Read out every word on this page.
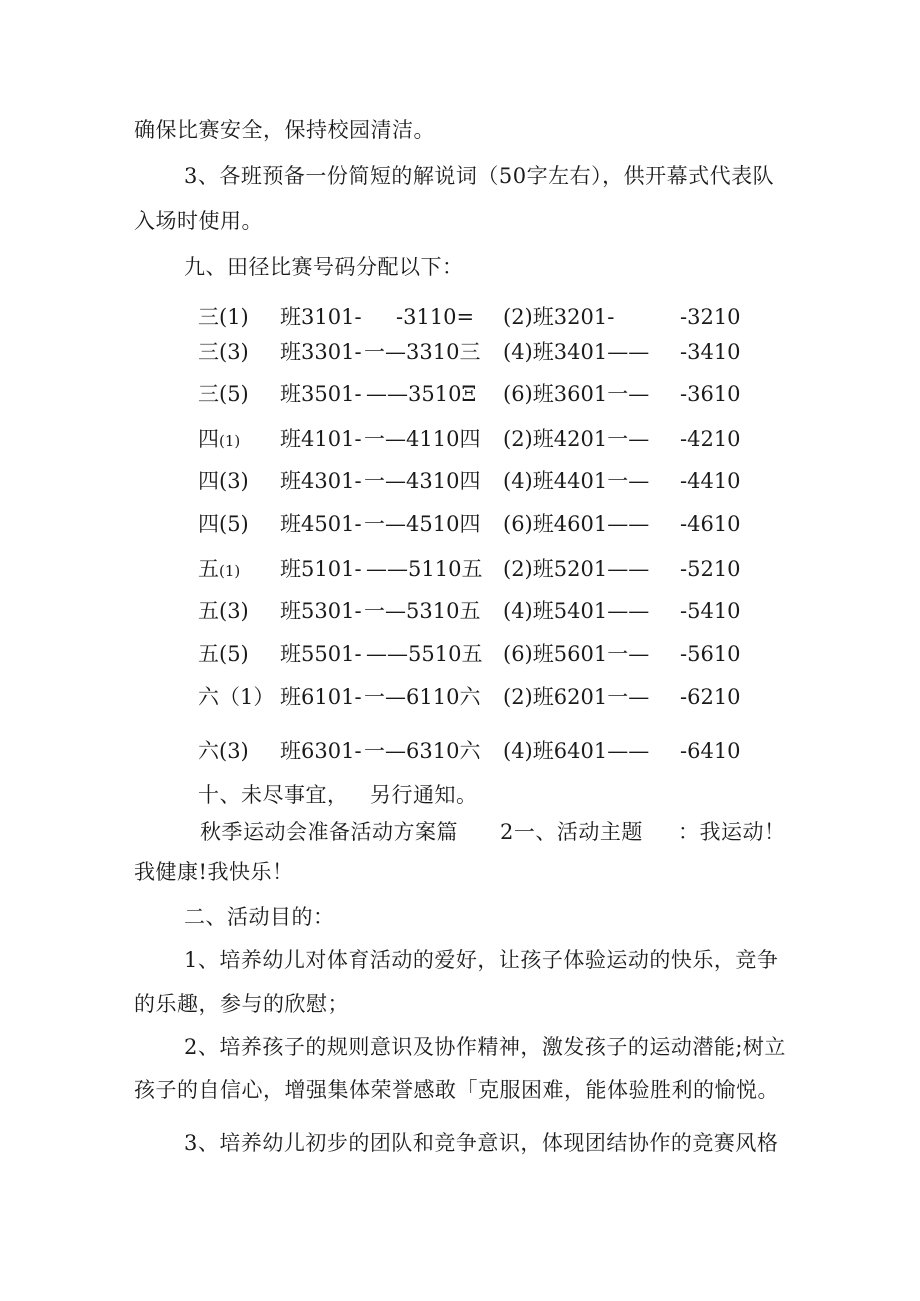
确保比赛安全，保持校园清洁。
3、各班预备一份简短的解说词（50字左右），供开幕式代表队
入场时使用。
九、田径比赛号码分配以下：
三(1) 班3101- -3110= (2)班3201-	-3210
三(3) 班3301- 一—3310三 (4)班3401—— -3410
三(5) 班3501- ——3510Ξ (6)班3601一— -3610
四(1) 班4101- 一—4110四 (2)班4201一— -4210
四(3) 班4301- 一—4310四 (4)班4401一— -4410
四(5) 班4501- 一—4510四 (6)班4601—— -4610
五(1) 班5101- ——5110五 (2)班5201—— -5210
五(3) 班5301- 一—5310五 (4)班5401—— -5410
五(5) 班5501- ——5510五 (6)班5601一— -5610
六（1） 班6101- 一—6110六 (2)班6201一— -6210
六(3) 班6301- 一—6310六 (4)班6401—— -6410
十、未尽事宜， 另行通知。
秋季运动会准备活动方案篇 2一、活动主题 ：我运动！
我健康!我快乐！
二、活动目的：
1、培养幼儿对体育活动的爱好，让孩子体验运动的快乐，竞争
的乐趣，参与的欣慰；
2、培养孩子的规则意识及协作精神，激发孩子的运动潜能;树立
孩子的自信心，增强集体荣誉感敢「克服困难，能体验胜利的愉悦。
3、培养幼儿初步的团队和竞争意识，体现团结协作的竞赛风格
